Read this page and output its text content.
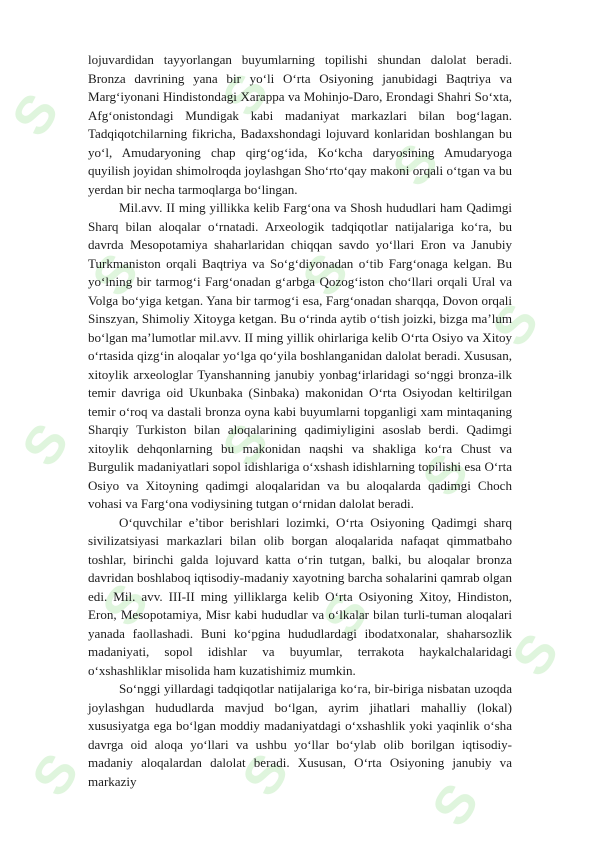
S	S
S
S	S
S
S S S
S	S
S
S	S S

lojuvardidan tayyorlangan buyumlarning topilishi shundan dalolat beradi. Bronza davrining yana bir yo‘li O‘rta Osiyoning janubidagi Baqtriya va Marg‘iyonani Hindistondagi Xarappa va Mohinjo-Daro, Erondagi Shahri So‘xta, Afg‘onistondagi Mundigak kabi madaniyat markazlari bilan bog‘lagan. Tadqiqotchilarning fikricha, Badaxshondagi lojuvard konlaridan boshlangan bu yo‘l, Amudaryoning chap qirg‘og‘ida, Ko‘kcha daryosining Amudaryoga quyilish joyidan shimolroqda joylashgan Sho‘rto‘qay makoni orqali o‘tgan va bu yerdan bir necha tarmoqlarga bo‘lingan.

Mil.avv. II ming yillikka kelib Farg‘ona va Shosh hududlari ham Qadimgi Sharq bilan aloqalar o‘rnatadi. Arxeologik tadqiqotlar natijalariga ko‘ra, bu davrda Mesopotamiya shaharlaridan chiqqan savdo yo‘llari Eron va Janubiy Turkmaniston orqali Baqtriya va So‘g‘diyonadan o‘tib Farg‘onaga kelgan. Bu yo‘lning bir tarmog‘i Farg‘onadan g‘arbga Qozog‘iston cho‘llari orqali Ural va Volga bo‘yiga ketgan. Yana bir tarmog‘i esa, Farg‘onadan sharqqa, Dovon orqali Sinszyan, Shimoliy Xitoyga ketgan. Bu o‘rinda aytib o‘tish joizki, bizga ma’lum bo‘lgan ma’lumotlar mil.avv. II ming yillik ohirlariga kelib O‘rta Osiyo va Xitoy o‘rtasida qizg‘in aloqalar yo‘lga qo‘yila boshlanganidan dalolat beradi. Xususan, xitoylik arxeologlar Tyanshanning janubiy yonbag‘irlaridagi so‘nggi bronza-ilk temir davriga oid Ukunbaka (Sinbaka) makonidan O‘rta Osiyodan keltirilgan temir o‘roq va dastali bronza oyna kabi buyumlarni topganligi xam mintaqaning Sharqiy Turkiston bilan aloqalarining qadimiyligini asoslab berdi. Qadimgi xitoylik dehqonlarning bu makonidan naqshi va shakliga ko‘ra Chust va Burgulik madaniyatlari sopol idishlariga o‘xshash idishlarning topilishi esa O‘rta Osiyo va Xitoyning qadimgi aloqalaridan va bu aloqalarda qadimgi Choch vohasi va Farg‘ona vodiysining tutgan o‘rnidan dalolat beradi.

O‘quvchilar e’tibor berishlari lozimki, O‘rta Osiyoning Qadimgi sharq sivilizatsiyasi markazlari bilan olib borgan aloqalarida nafaqat qimmatbaho toshlar, birinchi galda lojuvard katta o‘rin tutgan, balki, bu aloqalar bronza davridan boshlaboq iqtisodiy-madaniy xayotning barcha sohalarini qamrab olgan edi. Mil. avv. III-II ming yilliklarga kelib O‘rta Osiyoning Xitoy, Hindiston, Eron, Mesopotamiya, Misr kabi hududlar va o‘lkalar bilan turli-tuman aloqalari yanada faollashadi. Buni ko‘pgina hududlardagi ibodatxonalar, shaharsozlik madaniyati, sopol idishlar va buyumlar, terrakota haykalchalaridagi o‘xshashliklar misolida ham kuzatishimiz mumkin.

So‘nggi yillardagi tadqiqotlar natijalariga ko‘ra, bir-biriga nisbatan uzoqda joylashgan hududlarda mavjud bo‘lgan, ayrim jihatlari mahalliy (lokal) xususiyatga ega bo‘lgan moddiy madaniyatdagi o‘xshashlik yoki yaqinlik o‘sha davrga oid aloqa yo‘llari va ushbu yo‘llar bo‘ylab olib borilgan iqtisodiy-madaniy aloqalardan dalolat beradi. Xususan, O‘rta Osiyoning janubiy va markaziy
